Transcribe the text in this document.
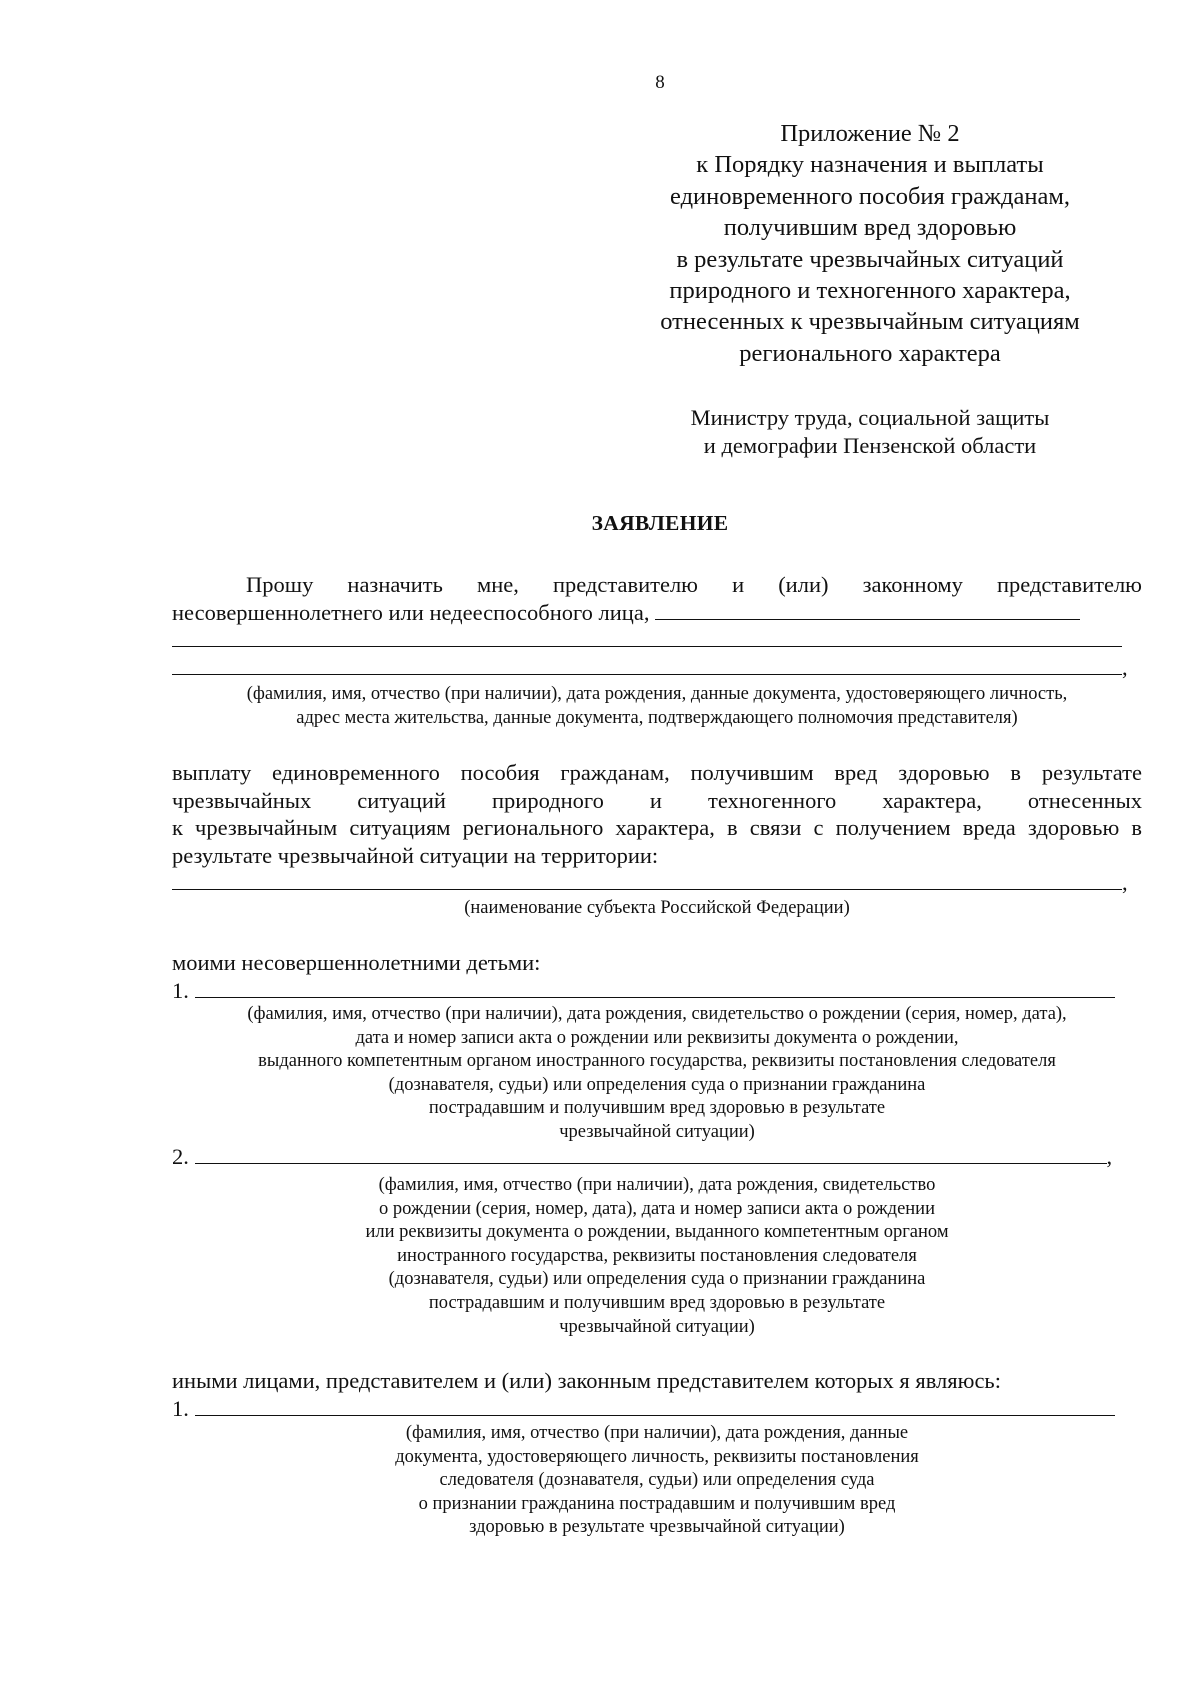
8
Приложение № 2
к Порядку назначения и выплаты
единовременного пособия гражданам,
получившим вред здоровью
в результате чрезвычайных ситуаций
природного и техногенного характера,
отнесенных к чрезвычайным ситуациям
регионального характера
Министру труда, социальной защиты
и демографии Пензенской области
ЗАЯВЛЕНИЕ
Прошу назначить мне, представителю и (или) законному представителю
несовершеннолетнего или недееспособного лица,
,
(фамилия, имя, отчество (при наличии), дата рождения, данные документа, удостоверяющего личность,
адрес места жительства, данные документа, подтверждающего полномочия представителя)
выплату единовременного пособия гражданам, получившим вред здоровью в результате
чрезвычайных ситуаций природного и техногенного характера, отнесенных
к чрезвычайным ситуациям регионального характера, в связи с получением вреда здоровью в
результате чрезвычайной ситуации на территории:
,
(наименование субъекта Российской Федерации)
моими несовершеннолетними детьми:
1.
(фамилия, имя, отчество (при наличии), дата рождения, свидетельство о рождении (серия, номер, дата),
дата и номер записи акта о рождении или реквизиты документа о рождении,
выданного компетентным органом иностранного государства, реквизиты постановления следователя
(дознавателя, судьи) или определения суда о признании гражданина
пострадавшим и получившим вред здоровью в результате
чрезвычайной ситуации)
2.	,
(фамилия, имя, отчество (при наличии), дата рождения, свидетельство
о рождении (серия, номер, дата), дата и номер записи акта о рождении
или реквизиты документа о рождении, выданного компетентным органом
иностранного государства, реквизиты постановления следователя
(дознавателя, судьи) или определения суда о признании гражданина
пострадавшим и получившим вред здоровью в результате
чрезвычайной ситуации)
иными лицами, представителем и (или) законным представителем которых я являюсь:
1.
(фамилия, имя, отчество (при наличии), дата рождения, данные
документа, удостоверяющего личность, реквизиты постановления
следователя (дознавателя, судьи) или определения суда
о признании гражданина пострадавшим и получившим вред
здоровью в результате чрезвычайной ситуации)
